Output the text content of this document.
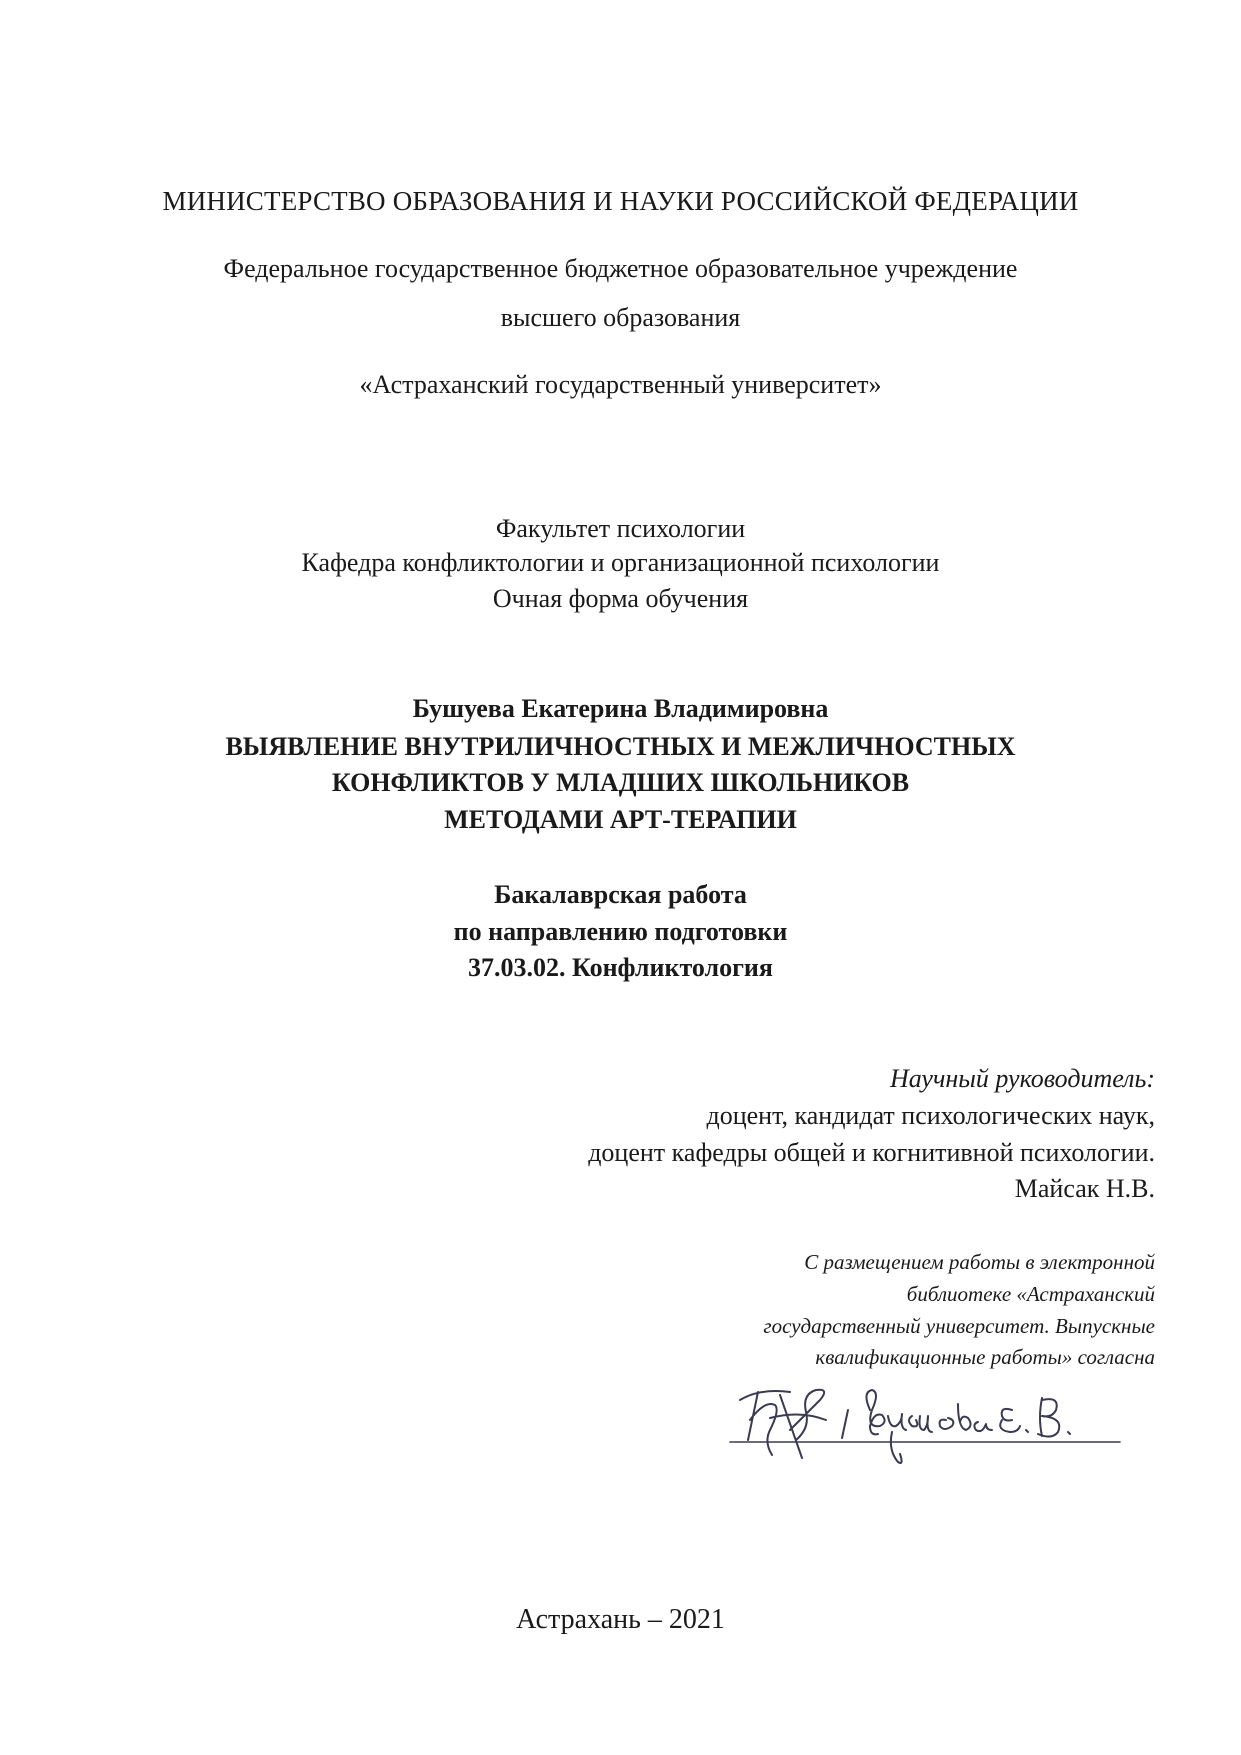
МИНИСТЕРСТВО ОБРАЗОВАНИЯ И НАУКИ РОССИЙСКОЙ ФЕДЕРАЦИИ
Федеральное государственное бюджетное образовательное учреждение
высшего образования
«Астраханский государственный университет»
Факультет психологии
Кафедра конфликтологии и организационной психологии
Очная форма обучения
Бушуева Екатерина Владимировна
ВЫЯВЛЕНИЕ ВНУТРИЛИЧНОСТНЫХ И МЕЖЛИЧНОСТНЫХ
КОНФЛИКТОВ У МЛАДШИХ ШКОЛЬНИКОВ
МЕТОДАМИ АРТ-ТЕРАПИИ
Бакалаврская работа
по направлению подготовки
37.03.02. Конфликтология
Научный руководитель:
доцент, кандидат психологических наук,
доцент кафедры общей и когнитивной психологии.
Майсак Н.В.
С размещением работы в электронной
библиотеке «Астраханский
государственный университет. Выпускные
квалификационные работы» согласна
Астрахань – 2021
